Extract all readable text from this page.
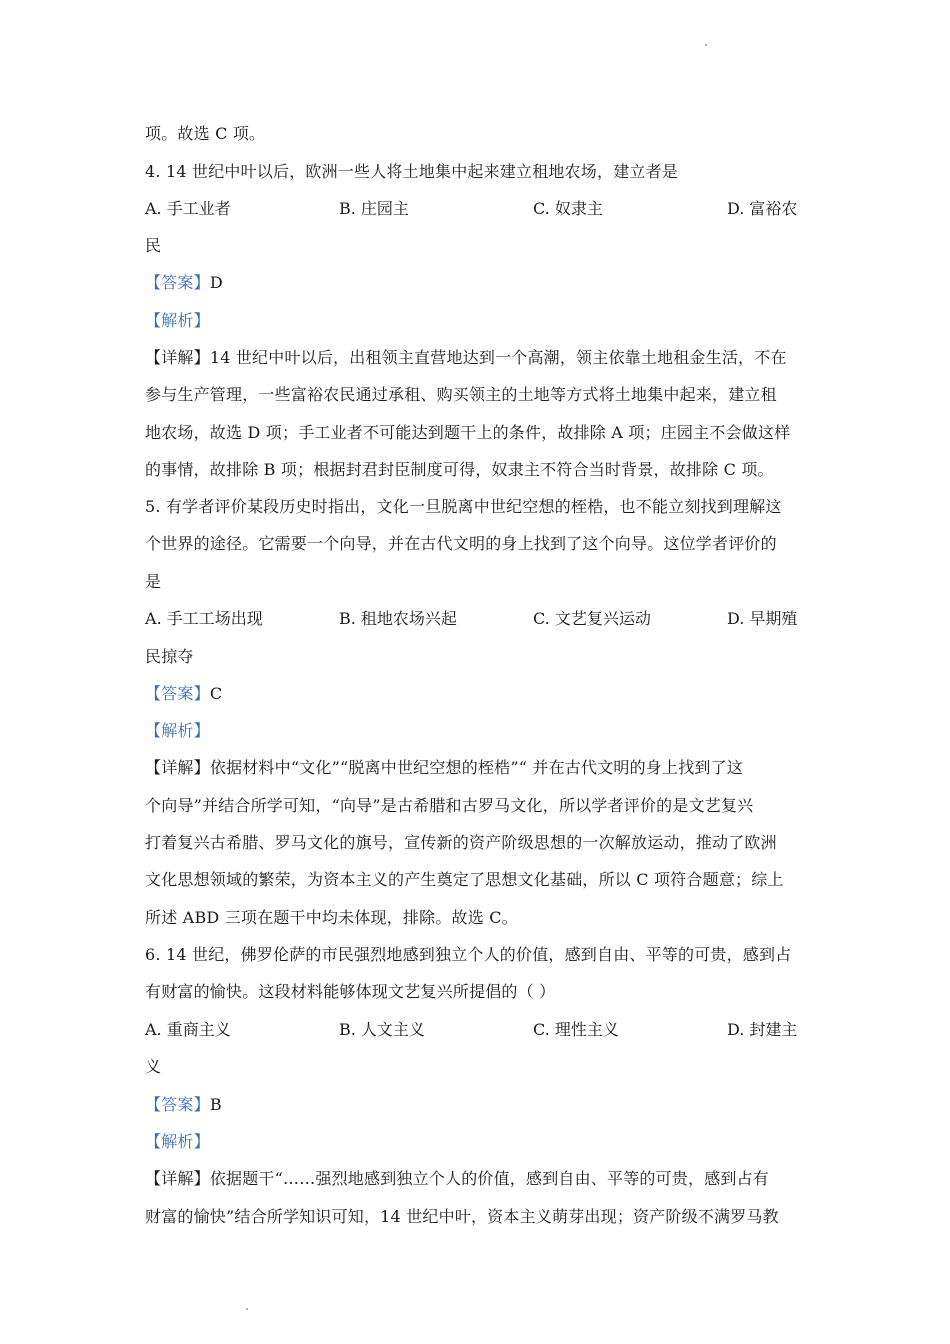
项。故选 C 项。
4. 14 世纪中叶以后，欧洲一些人将土地集中起来建立租地农场，建立者是
A. 手工业者	B. 庄园主	C. 奴隶主	D. 富裕农
民
【答案】D
【解析】
【详解】14 世纪中叶以后，出租领主直营地达到一个高潮，领主依靠土地租金生活，不在
参与生产管理，一些富裕农民通过承租、购买领主的土地等方式将土地集中起来，建立租
地农场，故选 D 项；手工业者不可能达到题干上的条件，故排除 A 项；庄园主不会做这样
的事情，故排除 B 项；根据封君封臣制度可得，奴隶主不符合当时背景，故排除 C 项。
5. 有学者评价某段历史时指出，文化一旦脱离中世纪空想的桎梏，也不能立刻找到理解这
个世界的途径。它需要一个向导，并在古代文明的身上找到了这个向导。这位学者评价的
是
A. 手工工场出现	B. 租地农场兴起	C. 文艺复兴运动	D. 早期殖
民掠夺
【答案】C
【解析】
【详解】依据材料中“文化”“脱离中世纪空想的桎梏”“ 并在古代文明的身上找到了这
个向导”并结合所学可知，“向导”是古希腊和古罗马文化，所以学者评价的是文艺复兴
打着复兴古希腊、罗马文化的旗号，宣传新的资产阶级思想的一次解放运动，推动了欧洲
文化思想领域的繁荣，为资本主义的产生奠定了思想文化基础，所以 C 项符合题意；综上
所述 ABD 三项在题干中均未体现，排除。故选 C。
6. 14 世纪，佛罗伦萨的市民强烈地感到独立个人的价值，感到自由、平等的可贵，感到占
有财富的愉快。这段材料能够体现文艺复兴所提倡的（ ）
A. 重商主义	B. 人文主义	C. 理性主义	D. 封建主
义
【答案】B
【解析】
【详解】依据题干“……强烈地感到独立个人的价值，感到自由、平等的可贵，感到占有
财富的愉快”结合所学知识可知，14 世纪中叶，资本主义萌芽出现；资产阶级不满罗马教
